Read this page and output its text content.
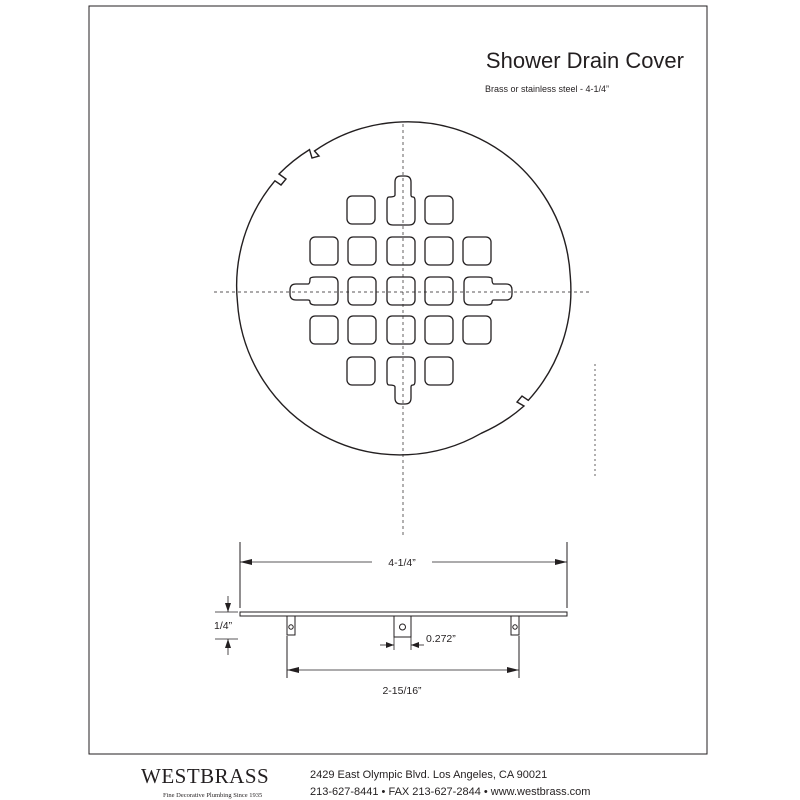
Shower Drain Cover
Brass or stainless steel - 4-1/4”
4-1/4”
1/4”
0.272”
2-15/16”
WESTBRASS
Fine Decorative Plumbing Since 1935
2429 East Olympic Blvd. Los Angeles, CA 90021
213-627-8441 • FAX 213-627-2844 • www.westbrass.com
